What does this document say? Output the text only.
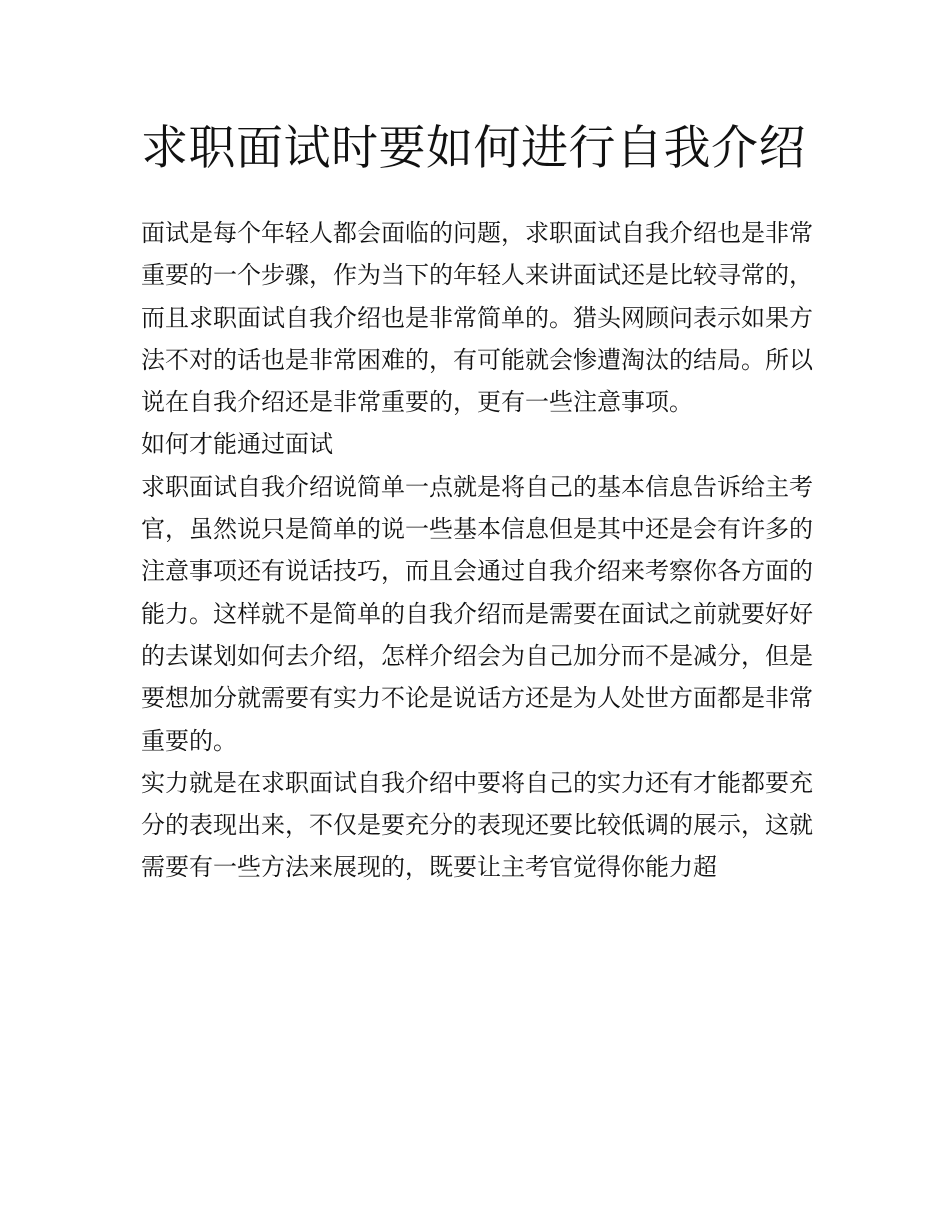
求职面试时要如何进行自我介绍

面试是每个年轻人都会面临的问题，求职面试自我介绍也是非常重要的一个步骤，作为当下的年轻人来讲面试还是比较寻常的，而且求职面试自我介绍也是非常简单的。猎头网顾问表示如果方法不对的话也是非常困难的，有可能就会惨遭淘汰的结局。所以说在自我介绍还是非常重要的，更有一些注意事项。

如何才能通过面试

求职面试自我介绍说简单一点就是将自己的基本信息告诉给主考官，虽然说只是简单的说一些基本信息但是其中还是会有许多的注意事项还有说话技巧，而且会通过自我介绍来考察你各方面的能力。这样就不是简单的自我介绍而是需要在面试之前就要好好的去谋划如何去介绍，怎样介绍会为自己加分而不是减分，但是要想加分就需要有实力不论是说话方还是为人处世方面都是非常重要的。

实力就是在求职面试自我介绍中要将自己的实力还有才能都要充分的表现出来，不仅是要充分的表现还要比较低调的展示，这就需要有一些方法来展现的，既要让主考官觉得你能力超
